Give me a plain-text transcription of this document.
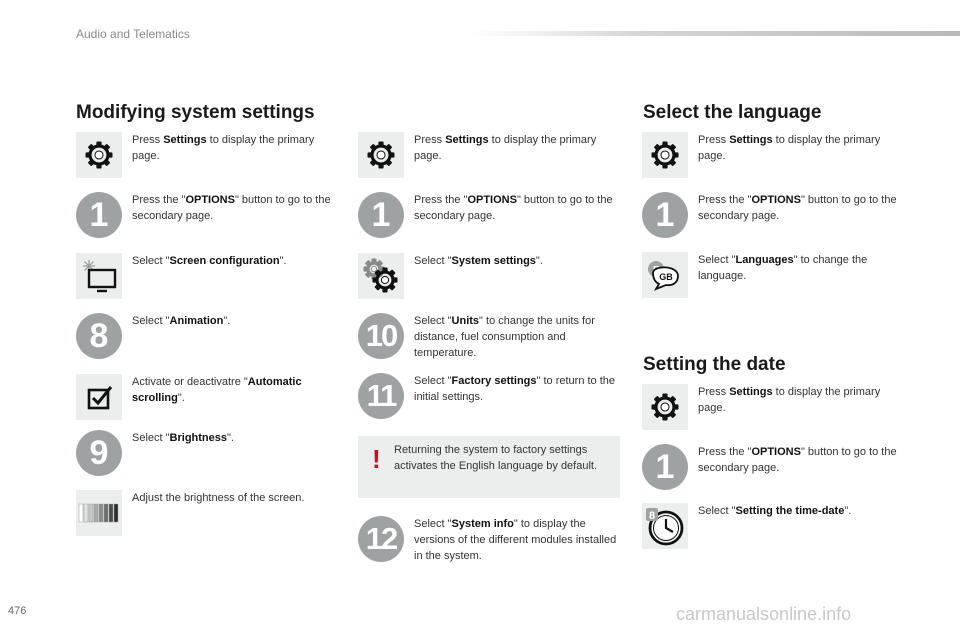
Audio and Telematics
Modifying system settings
Press Settings to display the primary page.
1	Press the "OPTIONS" button to go to the secondary page.
Select "Screen configuration".
8	Select "Animation".
Activate or deactivatre "Automatic scrolling".
9	Select "Brightness".
Adjust the brightness of the screen.
Press Settings to display the primary page.
1	Press the "OPTIONS" button to go to the secondary page.
Select "System settings".
10	Select "Units" to change the units for distance, fuel consumption and temperature.
11	Select "Factory settings" to return to the initial settings.
! Returning the system to factory settings activates the English language by default.
12	Select "System info" to display the versions of the different modules installed in the system.
Select the language
Press Settings to display the primary page.
1	Press the "OPTIONS" button to go to the secondary page.
GB
Select "Languages" to change the language.
Setting the date
Press Settings to display the primary page.
1	Press the "OPTIONS" button to go to the secondary page.
8	Select "Setting the time-date".
476	carmanualsonline.info
